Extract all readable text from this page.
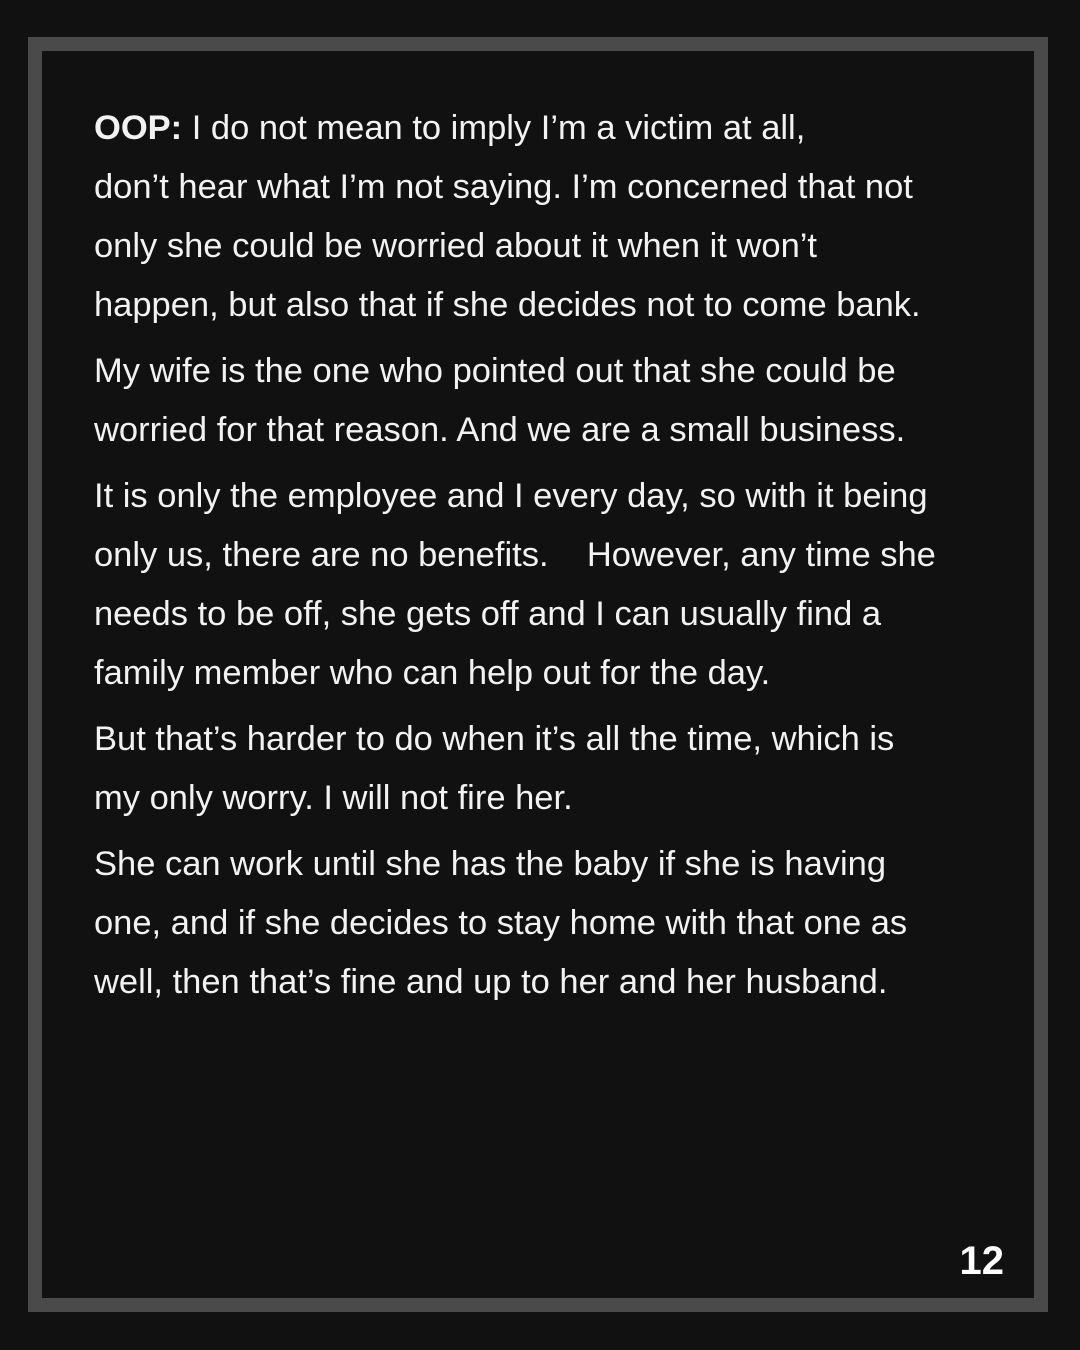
OOP: I do not mean to imply I’m a victim at all,
don’t hear what I’m not saying. I’m concerned that not
only she could be worried about it when it won’t
happen, but also that if she decides not to come bank.

My wife is the one who pointed out that she could be
worried for that reason. And we are a small business.

It is only the employee and I every day, so with it being
only us, there are no benefits.    However, any time she
needs to be off, she gets off and I can usually find a
family member who can help out for the day.

But that’s harder to do when it’s all the time, which is
my only worry. I will not fire her.

She can work until she has the baby if she is having
one, and if she decides to stay home with that one as
well, then that’s fine and up to her and her husband.

12
